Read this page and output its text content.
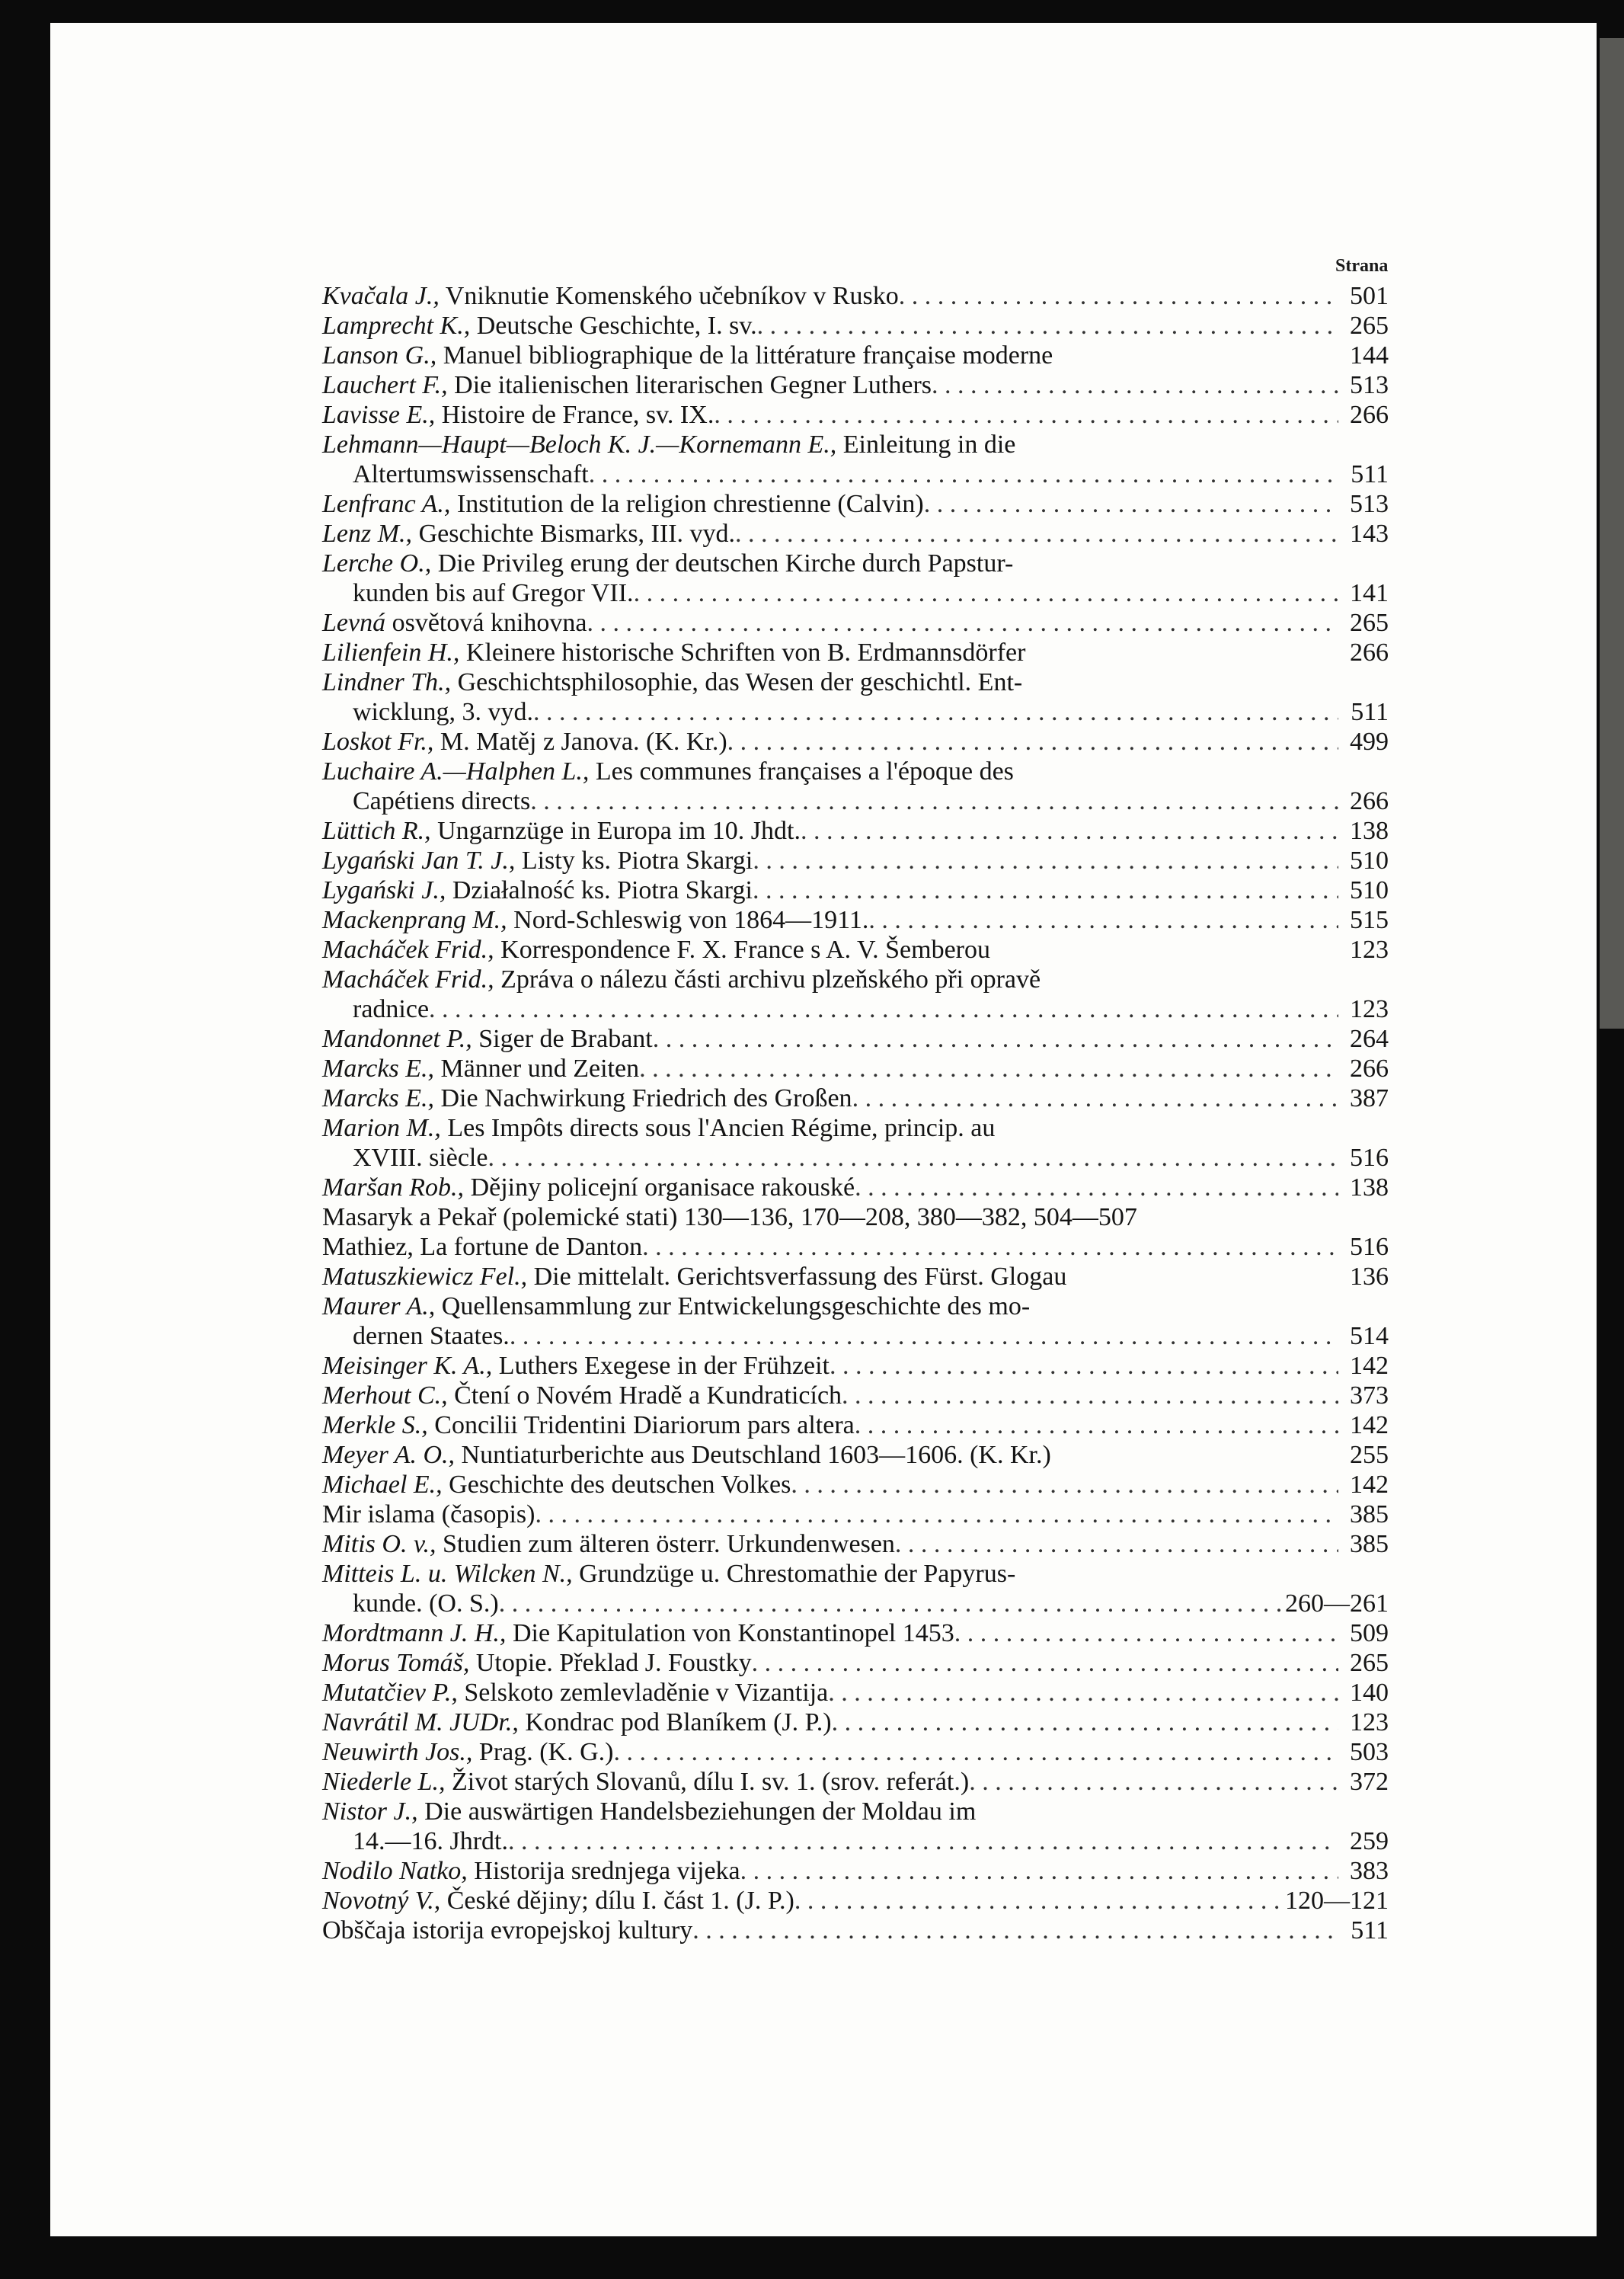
Strana
Kvačala J., Vniknutie Komenského učebníkov v Rusko . . .	501
Lamprecht K., Deutsche Geschichte, I. sv. . . .	265
Lanson G., Manuel bibliographique de la littérature française moderne	144
Lauchert F., Die italienischen literarischen Gegner Luthers . . .	513
Lavisse E., Histoire de France, sv. IX. . . .	266
Lehmann—Haupt—Beloch K. J.—Kornemann E., Einleitung in die
Altertumswissenschaft . . .	511
Lenfranc A., Institution de la religion chrestienne (Calvin) . . .	513
Lenz M., Geschichte Bismarks, III. vyd. . . .	143
Lerche O., Die Privileg erung der deutschen Kirche durch Papstur-
kunden bis auf Gregor VII. . . .	141
Levná osvětová knihovna . . .	265
Lilienfein H., Kleinere historische Schriften von B. Erdmannsdörfer	266
Lindner Th., Geschichtsphilosophie, das Wesen der geschichtl. Ent-
wicklung, 3. vyd. . . .	511
Loskot Fr., M. Matěj z Janova. (K. Kr.) . . .	499
Luchaire A.—Halphen L., Les communes françaises a l'époque des
Capétiens directs . . .	266
Lüttich R., Ungarnzüge in Europa im 10. Jhdt. . . .	138
Lygański Jan T. J., Listy ks. Piotra Skargi . . .	510
Lygański J., Działalność ks. Piotra Skargi . . .	510
Mackenprang M., Nord-Schleswig von 1864—1911. . . .	515
Macháček Frid., Korrespondence F. X. France s A. V. Šemberou	123
Macháček Frid., Zpráva o nálezu části archivu plzeňského při opravě
radnice . . .	123
Mandonnet P., Siger de Brabant . . .	264
Marcks E., Männer und Zeiten . . .	266
Marcks E., Die Nachwirkung Friedrich des Großen . . .	387
Marion M., Les Impôts directs sous l'Ancien Régime, princip. au
XVIII. siècle . . .	516
Maršan Rob., Dějiny policejní organisace rakouské . . .	138
Masaryk a Pekař (polemické stati) 130—136, 170—208, 380—382, 504—507
Mathiez, La fortune de Danton . . .	516
Matuszkiewicz Fel., Die mittelalt. Gerichtsverfassung des Fürst. Glogau	136
Maurer A., Quellensammlung zur Entwickelungsgeschichte des mo-
dernen Staates. . . .	514
Meisinger K. A., Luthers Exegese in der Frühzeit . . .	142
Merhout C., Čtení o Novém Hradě a Kundraticích . . .	373
Merkle S., Concilii Tridentini Diariorum pars altera . . .	142
Meyer A. O., Nuntiaturberichte aus Deutschland 1603—1606. (K. Kr.)	255
Michael E., Geschichte des deutschen Volkes . . .	142
Mir islama (časopis) . . .	385
Mitis O. v., Studien zum älteren österr. Urkundenwesen . . .	385
Mitteis L. u. Wilcken N., Grundzüge u. Chrestomathie der Papyrus-
kunde. (O. S.) . . .	260—261
Mordtmann J. H., Die Kapitulation von Konstantinopel 1453 . . .	509
Morus Tomáš, Utopie. Překlad J. Foustky . . .	265
Mutatčiev P., Selskoto zemlevladěnie v Vizantija . . .	140
Navrátil M. JUDr., Kondrac pod Blaníkem (J. P.) . . .	123
Neuwirth Jos., Prag. (K. G.) . . .	503
Niederle L., Život starých Slovanů, dílu I. sv. 1. (srov. referát.) . . .	372
Nistor J., Die auswärtigen Handelsbeziehungen der Moldau im
14.—16. Jhrdt. . . .	259
Nodilo Natko, Historija srednjega vijeka . . .	383
Novotný V., České dějiny; dílu I. část 1. (J. P.) . . .	120—121
Obščaja istorija evropejskoj kultury . . .	511
